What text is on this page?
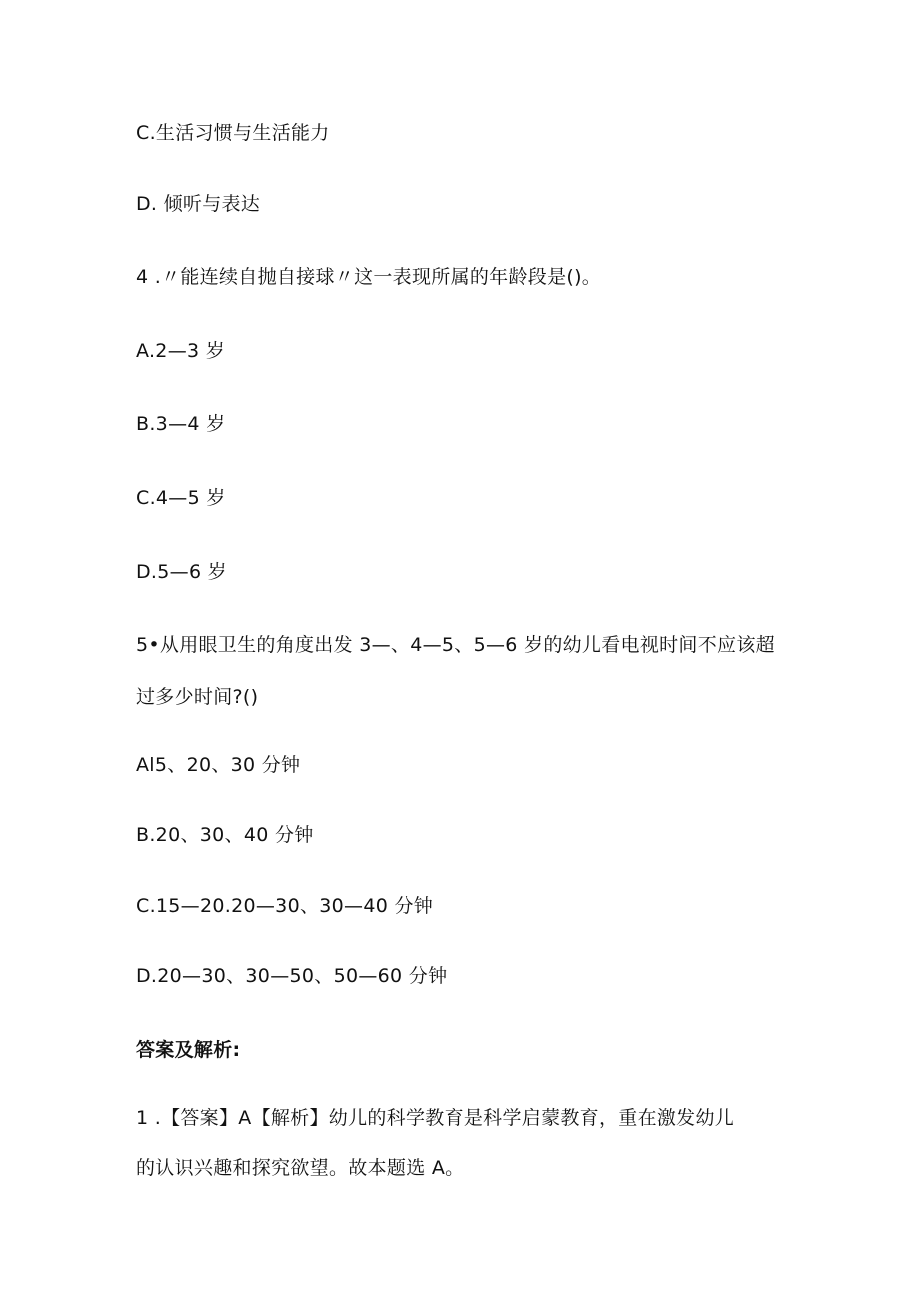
C.生活习惯与生活能力
D. 倾听与表达
4 .〃能连续自抛自接球〃这一表现所属的年龄段是()。
A.2—3 岁
B.3—4 岁
C.4—5 岁
D.5—6 岁
5•从用眼卫生的角度出发 3—、4—5、5—6 岁的幼儿看电视时间不应该超
过多少时间?()
Al5、20、30 分钟
B.20、30、40 分钟
C.15—20.20—30、30—40 分钟
D.20—30、30—50、50—60 分钟
答案及解析:
1 .【答案】A【解析】幼儿的科学教育是科学启蒙教育，重在激发幼儿
的认识兴趣和探究欲望。故本题选 A。
